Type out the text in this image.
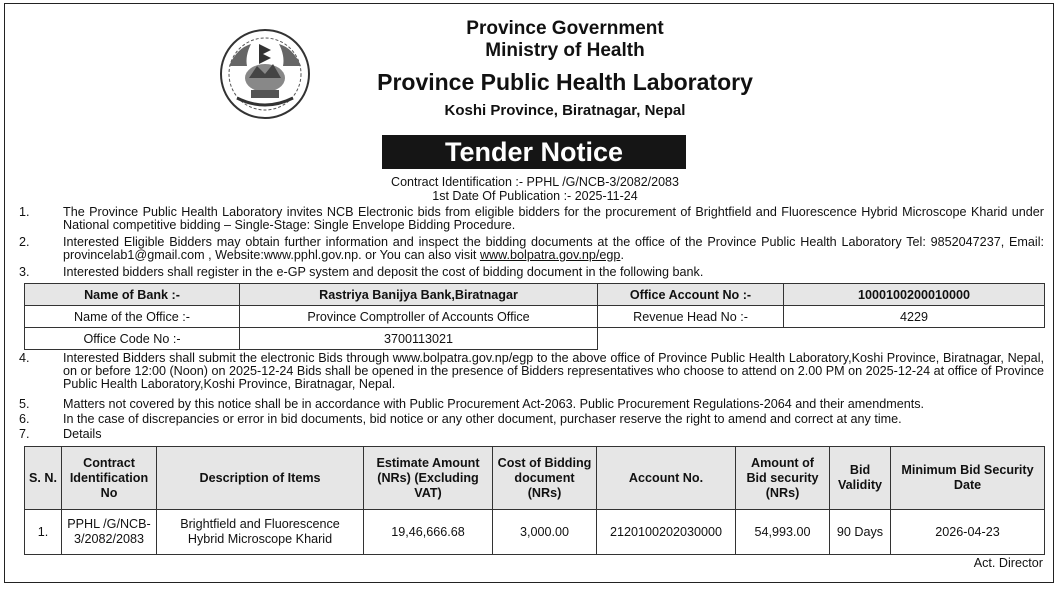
Province Government
Ministry of Health
Province Public Health Laboratory
Koshi Province, Biratnagar, Nepal
Tender Notice
Contract Identification :- PPHL /G/NCB-3/2082/2083
1st Date Of Publication :- 2025-11-24
1.	The Province Public Health Laboratory invites NCB Electronic bids from eligible bidders for the procurement of Brightfield and Fluorescence Hybrid Microscope Kharid under National competitive bidding – Single-Stage: Single Envelope Bidding Procedure.
2.	Interested Eligible Bidders may obtain further information and inspect the bidding documents at the office of the Province Public Health Laboratory Tel: 9852047237, Email: provincelab1@gmail.com , Website:www.pphl.gov.np. or You can also visit www.bolpatra.gov.np/egp.
3.	Interested bidders shall register in the e-GP system and deposit the cost of bidding document in the following bank.
Name of Bank :-	Rastriya Banijya Bank,Biratnagar	Office Account No :-	1000100200010000
Name of the Office :-	Province Comptroller of Accounts Office	Revenue Head No :-	4229
Office Code No :-	3700113021		
4.	Interested Bidders shall submit the electronic Bids through www.bolpatra.gov.np/egp to the above office of Province Public Health Laboratory,Koshi Province, Biratnagar, Nepal, on or before 12:00 (Noon) on 2025-12-24 Bids shall be opened in the presence of Bidders representatives who choose to attend on 2.00 PM on 2025-12-24 at office of Province Public Health Laboratory,Koshi Province, Biratnagar, Nepal.
5.	Matters not covered by this notice shall be in accordance with Public Procurement Act-2063. Public Procurement Regulations-2064 and their amendments.
6.	In the case of discrepancies or error in bid documents, bid notice or any other document, purchaser reserve the right to amend and correct at any time.
7.	Details
S. N.	Contract Identification No	Description of Items	Estimate Amount (NRs) (Excluding VAT)	Cost of Bidding document (NRs)	Account No.	Amount of Bid security (NRs)	Bid Validity	Minimum Bid Security Date
1.	PPHL /G/NCB-3/2082/2083	Brightfield and Fluorescence Hybrid Microscope Kharid	19,46,666.68	3,000.00	2120100202030000	54,993.00	90 Days	2026-04-23
Act. Director
